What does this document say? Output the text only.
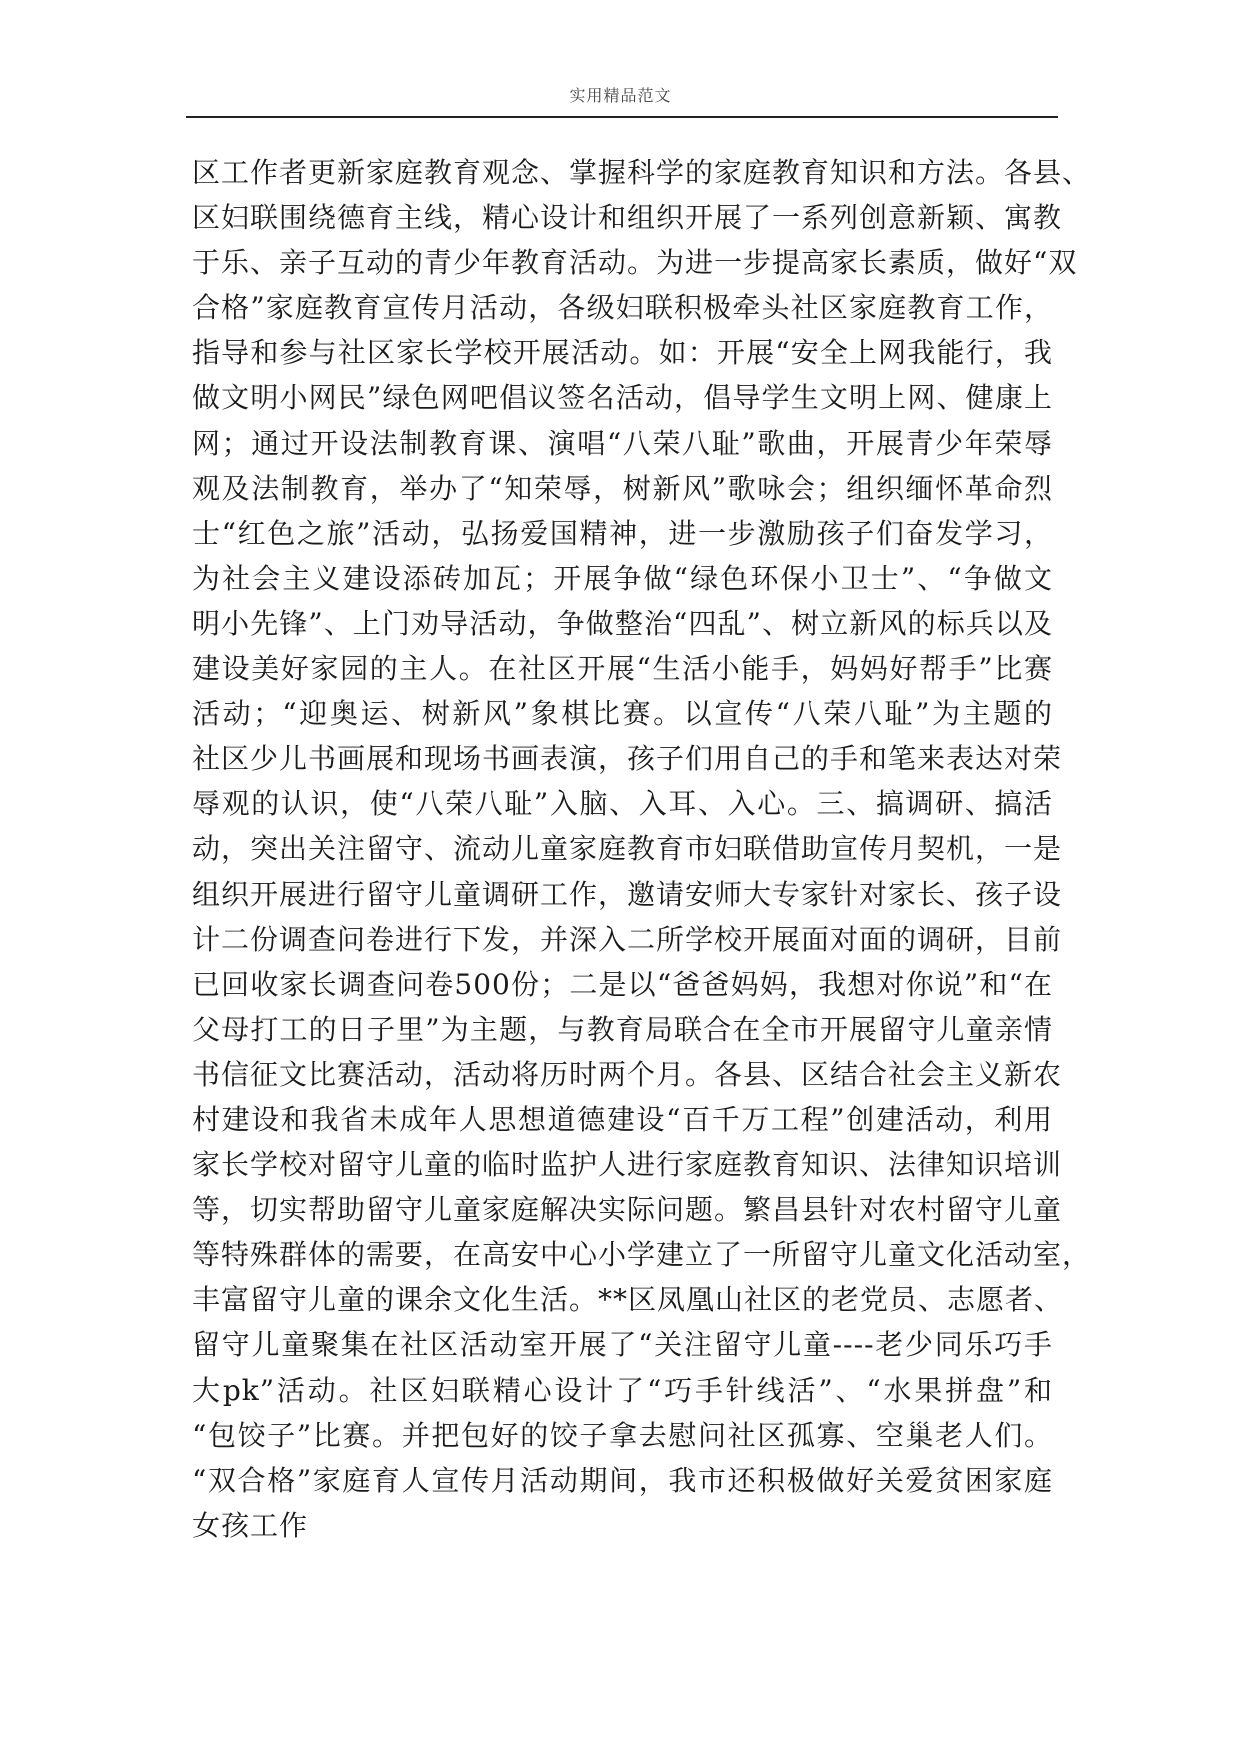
实用精品范文
区工作者更新家庭教育观念、掌握科学的家庭教育知识和方法。各县、
区妇联围绕德育主线，精心设计和组织开展了一系列创意新颖、寓教
于乐、亲子互动的青少年教育活动。为进一步提高家长素质，做好“双
合格”家庭教育宣传月活动，各级妇联积极牵头社区家庭教育工作，
指导和参与社区家长学校开展活动。如：开展“安全上网我能行，我
做文明小网民”绿色网吧倡议签名活动，倡导学生文明上网、健康上
网；通过开设法制教育课、演唱“八荣八耻”歌曲，开展青少年荣辱
观及法制教育，举办了“知荣辱，树新风”歌咏会；组织缅怀革命烈
士“红色之旅”活动，弘扬爱国精神，进一步激励孩子们奋发学习，
为社会主义建设添砖加瓦；开展争做“绿色环保小卫士”、“争做文
明小先锋”、上门劝导活动，争做整治“四乱”、树立新风的标兵以及
建设美好家园的主人。在社区开展“生活小能手，妈妈好帮手”比赛
活动；“迎奥运、树新风”象棋比赛。以宣传“八荣八耻”为主题的
社区少儿书画展和现场书画表演，孩子们用自己的手和笔来表达对荣
辱观的认识，使“八荣八耻”入脑、入耳、入心。三、搞调研、搞活
动，突出关注留守、流动儿童家庭教育市妇联借助宣传月契机，一是
组织开展进行留守儿童调研工作，邀请安师大专家针对家长、孩子设
计二份调查问卷进行下发，并深入二所学校开展面对面的调研，目前
已回收家长调查问卷500份；二是以“爸爸妈妈，我想对你说”和“在
父母打工的日子里”为主题，与教育局联合在全市开展留守儿童亲情
书信征文比赛活动，活动将历时两个月。各县、区结合社会主义新农
村建设和我省未成年人思想道德建设“百千万工程”创建活动，利用
家长学校对留守儿童的临时监护人进行家庭教育知识、法律知识培训
等，切实帮助留守儿童家庭解决实际问题。繁昌县针对农村留守儿童
等特殊群体的需要，在高安中心小学建立了一所留守儿童文化活动室，
丰富留守儿童的课余文化生活。**区凤凰山社区的老党员、志愿者、
留守儿童聚集在社区活动室开展了“关注留守儿童----老少同乐巧手
大pk”活动。社区妇联精心设计了“巧手针线活”、“水果拼盘”和
“包饺子”比赛。并把包好的饺子拿去慰问社区孤寡、空巢老人们。
“双合格”家庭育人宣传月活动期间，我市还积极做好关爱贫困家庭
女孩工作
